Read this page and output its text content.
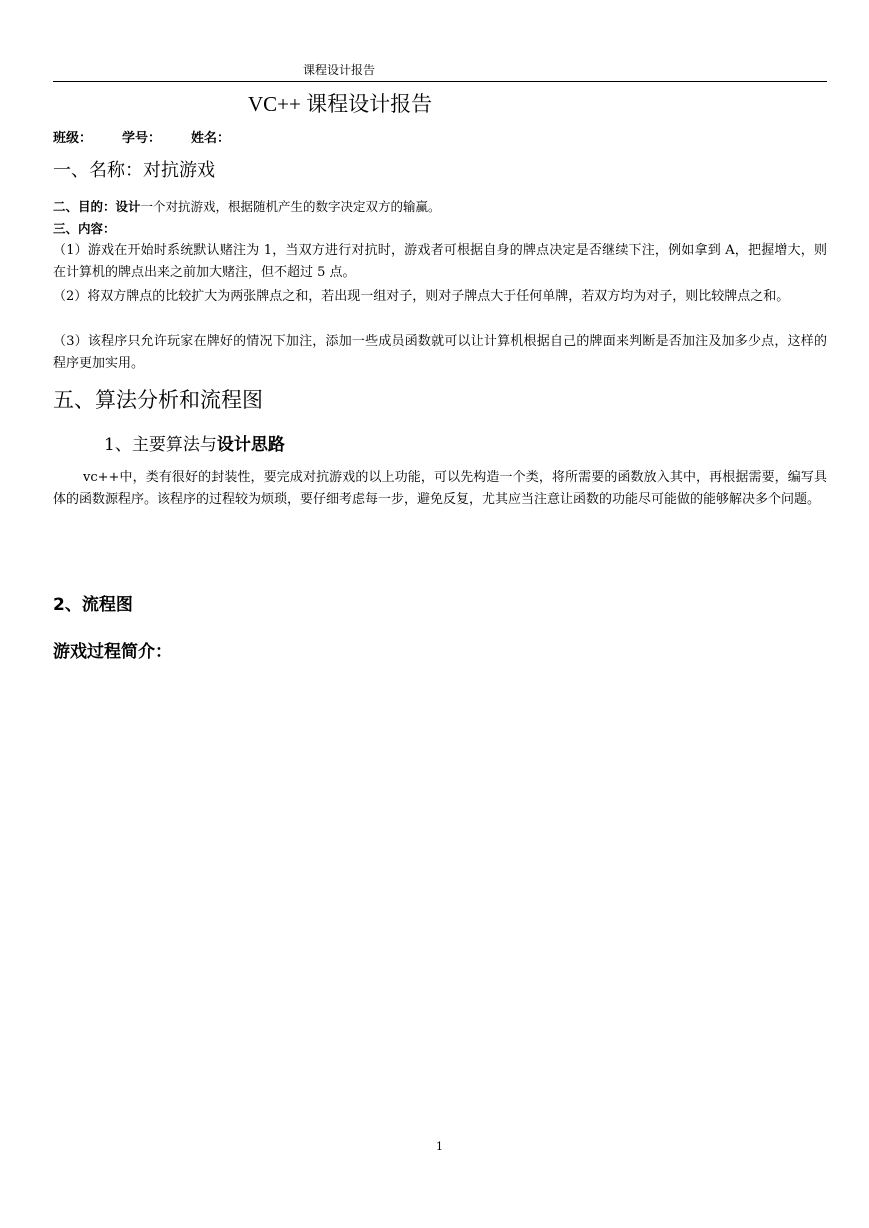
课程设计报告
VC++ 课程设计报告
班级： 学号： 姓名：
一、名称：对抗游戏
二、目的：设计一个对抗游戏，根据随机产生的数字决定双方的输赢。
三、内容：
（1）游戏在开始时系统默认赌注为 1，当双方进行对抗时，游戏者可根据自身的牌点决定是否继续下注，例如拿到 A，把握增大，则在计算机的牌点出来之前加大赌注，但不超过 5 点。
（2）将双方牌点的比较扩大为两张牌点之和，若出现一组对子，则对子牌点大于任何单牌，若双方均为对子，则比较牌点之和。
（3）该程序只允许玩家在牌好的情况下加注，添加一些成员函数就可以让计算机根据自己的牌面来判断是否加注及加多少点，这样的程序更加实用。
五、算法分析和流程图
1、主要算法与设计思路
vc++中，类有很好的封装性，要完成对抗游戏的以上功能，可以先构造一个类，将所需要的函数放入其中，再根据需要，编写具体的函数源程序。该程序的过程较为烦琐，要仔细考虑每一步，避免反复，尤其应当注意让函数的功能尽可能做的能够解决多个问题。
2、流程图
游戏过程简介：
1
